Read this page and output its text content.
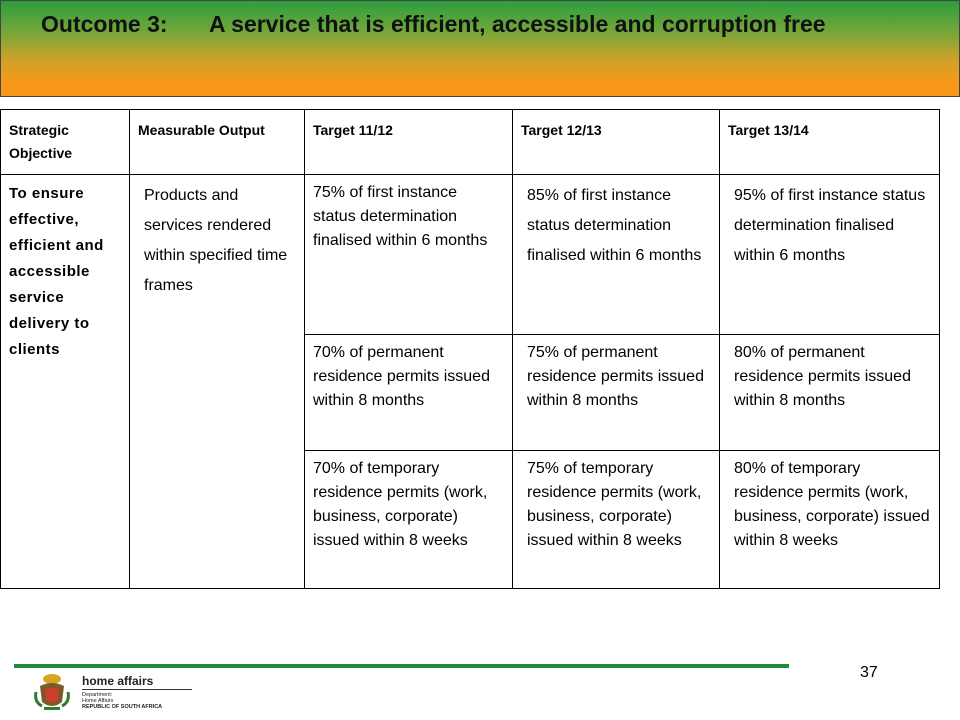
Outcome 3: A service that is efficient, accessible and corruption free
Strategic Objective	Measurable Output	Target 11/12	Target 12/13	Target 13/14
To ensure effective, efficient and accessible service delivery to clients	Products and services rendered within specified time frames	75% of first instance status determination finalised within 6 months	85% of first instance status determination finalised within 6 months	95% of first instance status determination finalised within 6 months
		70% of permanent residence permits issued within 8 months	75% of permanent residence permits issued within 8 months	80% of permanent residence permits issued within 8 months
		70% of temporary residence permits (work, business, corporate) issued within 8 weeks	75% of temporary residence permits (work, business, corporate) issued within 8 weeks	80% of temporary residence permits (work, business, corporate) issued within 8 weeks
home affairs
Department:
Home Affairs
REPUBLIC OF SOUTH AFRICA
37
